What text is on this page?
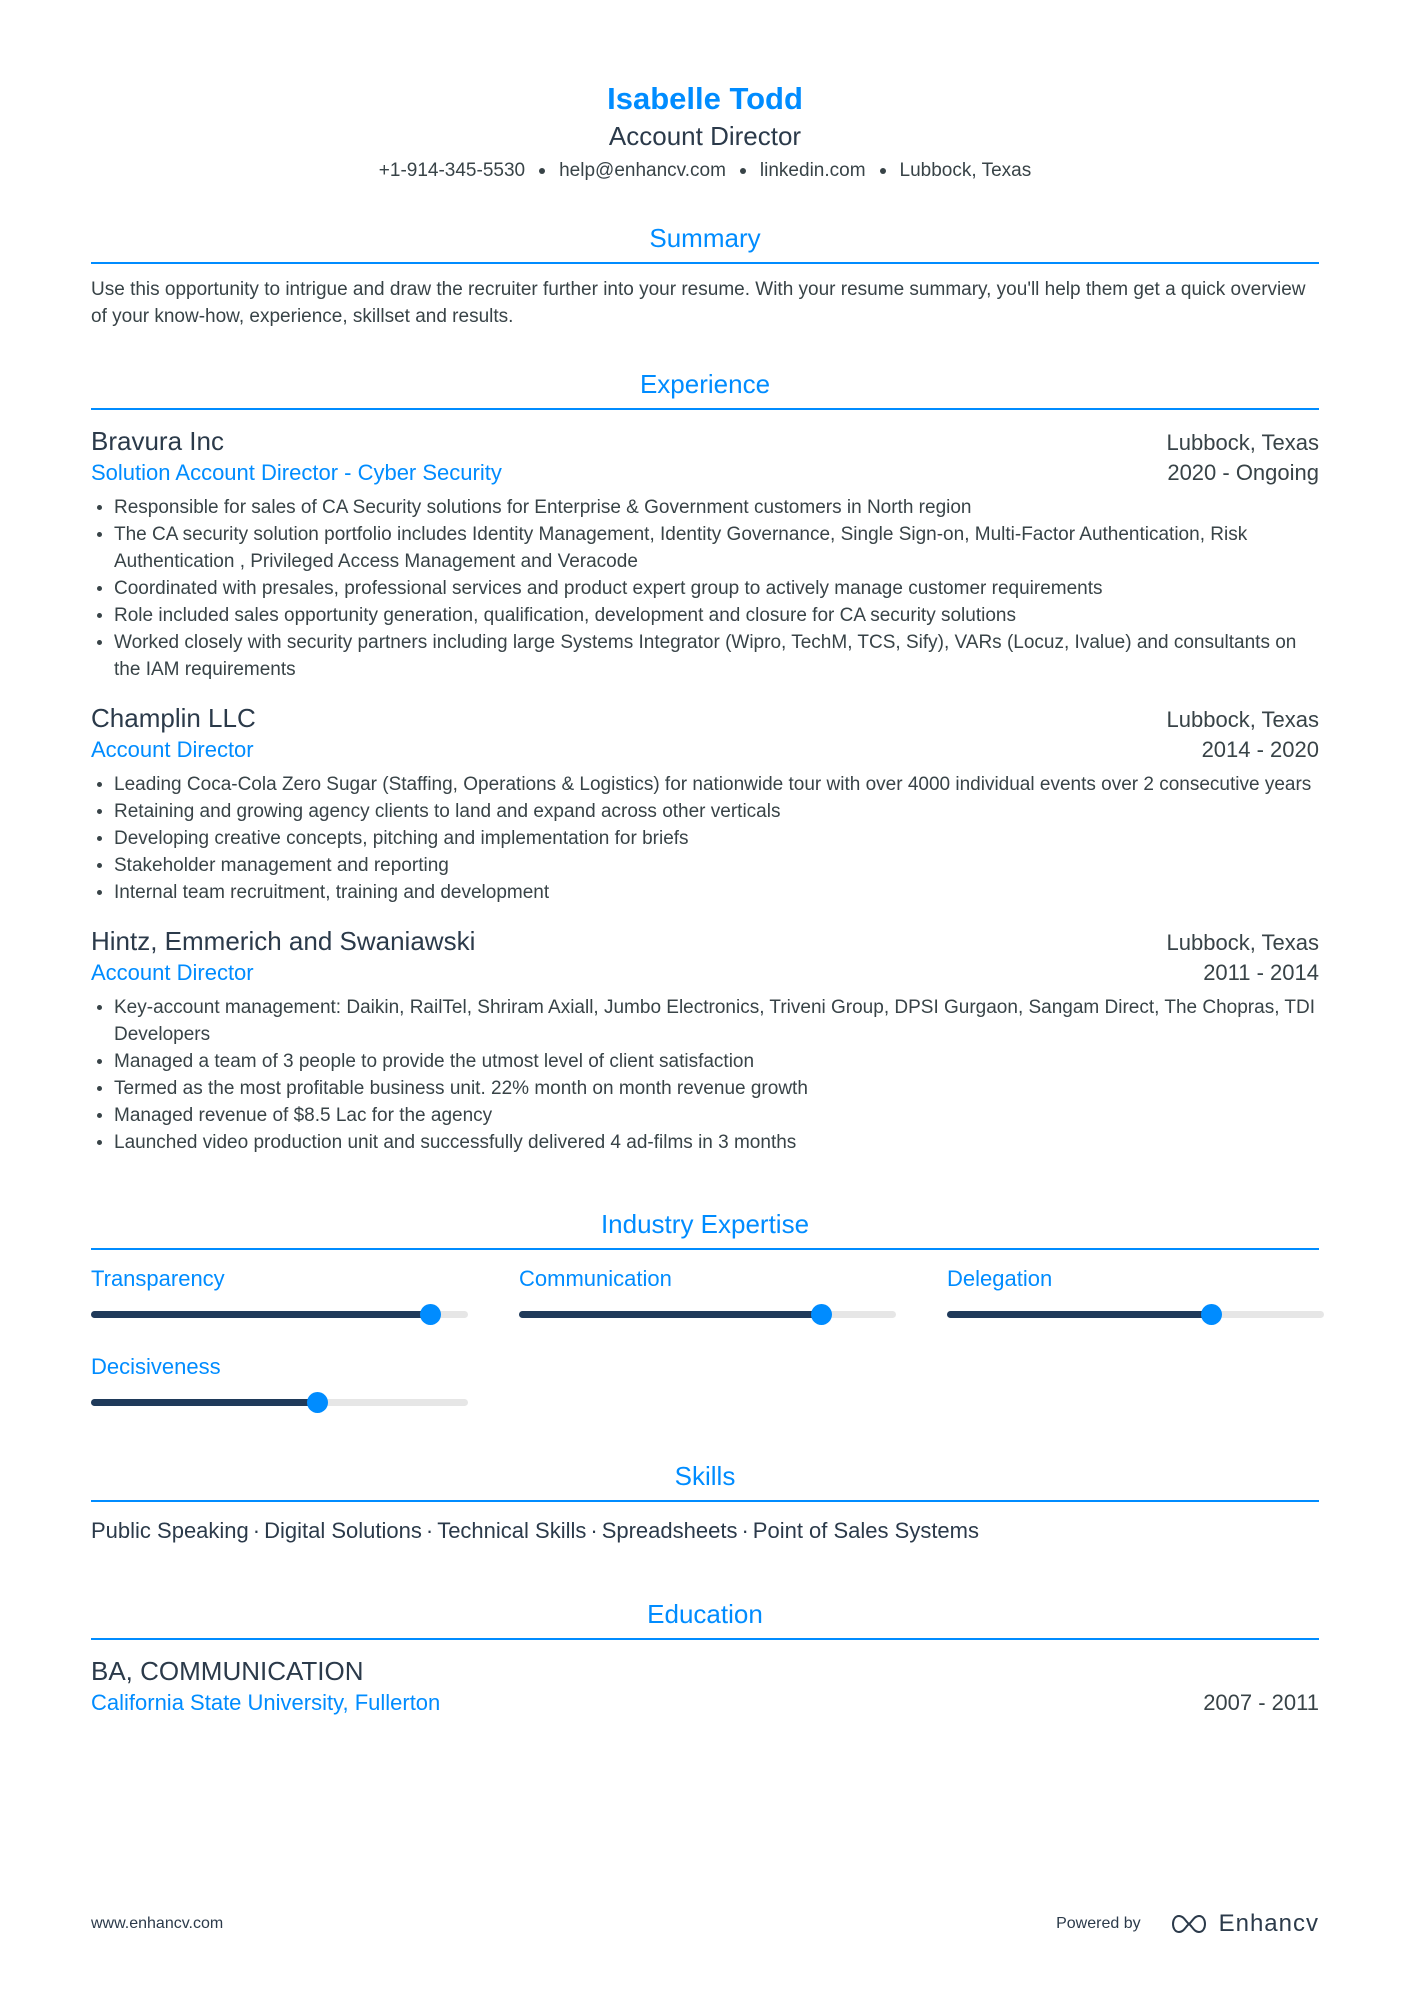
Isabelle Todd
Account Director
+1-914-345-5530 help@enhancv.com linkedin.com Lubbock, Texas
Summary
Use this opportunity to intrigue and draw the recruiter further into your resume. With your resume summary, you'll help them get a quick overview of your know-how, experience, skillset and results.
Experience
Bravura Inc	Lubbock, Texas
Solution Account Director - Cyber Security	2020 - Ongoing
Responsible for sales of CA Security solutions for Enterprise & Government customers in North region
The CA security solution portfolio includes Identity Management, Identity Governance, Single Sign-on, Multi-Factor Authentication, Risk Authentication , Privileged Access Management and Veracode
Coordinated with presales, professional services and product expert group to actively manage customer requirements
Role included sales opportunity generation, qualification, development and closure for CA security solutions
Worked closely with security partners including large Systems Integrator (Wipro, TechM, TCS, Sify), VARs (Locuz, Ivalue) and consultants on the IAM requirements
Champlin LLC	Lubbock, Texas
Account Director	2014 - 2020
Leading Coca-Cola Zero Sugar (Staffing, Operations & Logistics) for nationwide tour with over 4000 individual events over 2 consecutive years
Retaining and growing agency clients to land and expand across other verticals
Developing creative concepts, pitching and implementation for briefs
Stakeholder management and reporting
Internal team recruitment, training and development
Hintz, Emmerich and Swaniawski	Lubbock, Texas
Account Director	2011 - 2014
Key-account management: Daikin, RailTel, Shriram Axiall, Jumbo Electronics, Triveni Group, DPSI Gurgaon, Sangam Direct, The Chopras, TDI Developers
Managed a team of 3 people to provide the utmost level of client satisfaction
Termed as the most profitable business unit. 22% month on month revenue growth
Managed revenue of $8.5 Lac for the agency
Launched video production unit and successfully delivered 4 ad-films in 3 months
Industry Expertise
Transparency	Communication	Delegation
Decisiveness
Skills
Public Speaking · Digital Solutions · Technical Skills · Spreadsheets · Point of Sales Systems
Education
BA, COMMUNICATION
California State University, Fullerton	2007 - 2011
www.enhancv.com	Powered by	Enhancv
